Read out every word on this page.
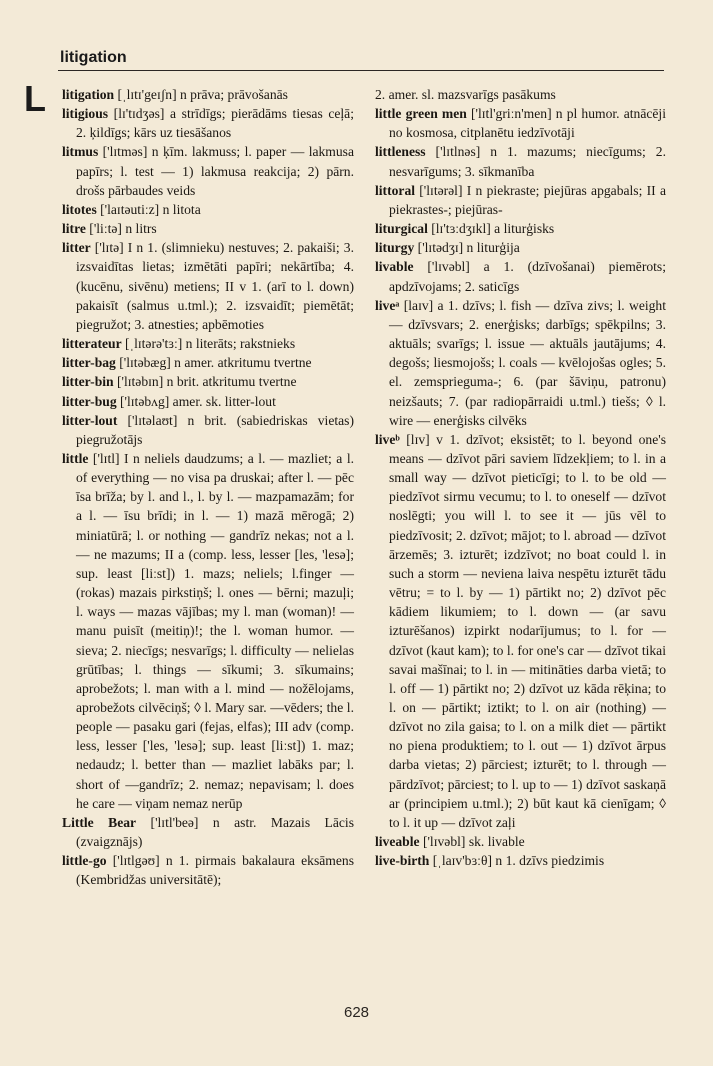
litigation
L litigation [ˌlɪtɪ'geɪʃn] n prāva; prāvošanās

litigious [lɪ'tɪdʒəs] a strīdīgs; pierādāms tiesas ceļā; 2. ķildīgs; kārs uz tiesāšanos

litmus ['lɪtməs] n ķīm. lakmuss; l. paper — lakmusa papīrs; l. test — 1) lakmusa reakcija; 2) pārn. drošs pārbaudes veids

litotes ['laɪtəutiːz] n litota

litre ['liːtə] n litrs

litter ['lɪtə] I n 1. (slimnieku) nestuves; 2. pakaiši; 3. izsvaidītas lietas; izmētāti papīri; nekārtība; 4. (kucēnu, sivēnu) metiens; II v 1. (arī to l. down) pakaisīt (salmus u.tml.); 2. izsvaidīt; piemētāt; piegružot; 3. atnesties; apbēmoties

litterateur [ˌlɪtərə'tɜː] n literāts; rakstnieks

litter-bag ['lɪtəbæg] n amer. atkritumu tvertne

litter-bin ['lɪtəbɪn] n brit. atkritumu tvertne

litter-bug ['lɪtəbʌg] amer. sk. litter-lout

litter-lout ['lɪtəlaʊt] n brit. (sabiedriskas vietas) piegružotājs

little ['lɪtl] I n neliels daudzums; a l. — mazliet; a l. of everything — no visa pa druskai; after l. — pēc īsa brīža; by l. and l., l. by l. — mazpamazām; for a l. — īsu brīdi; in l. — 1) mazā mērogā; 2) miniatūrā; l. or nothing — gandrīz nekas; not a l. — ne mazums; II a (comp. less, lesser [les, 'lesə]; sup. least [liːst]) 1. mazs; neliels; l.finger — (rokas) mazais pirkstiņš; l. ones — bērni; mazuļi; l. ways — mazas vājības; my l. man (woman)! — manu puisīt (meitiņ)!; the l. woman humor. — sieva; 2. niecīgs; nesvarīgs; l. difficulty — nelielas grūtības; l. things — sīkumi; 3. sīkumains; aprobežots; l. man with a l. mind — nožēlojams, aprobežots cilvēciņš; ◊ l. Mary sar. —vēders; the l. people — pasaku gari (fejas, elfas); III adv (comp. less, lesser ['les, 'lesə]; sup. least [liːst]) 1. maz; nedaudz; l. better than — mazliet labāks par; l. short of —gandrīz; 2. nemaz; nepavisam; l. does he care — viņam nemaz nerūp

Little Bear ['lɪtl'beə] n astr. Mazais Lācis (zvaigznājs)

little-go ['lɪtlgəʊ] n 1. pirmais bakalaura eksāmens (Kembridžas universitātē);

2. amer. sl. mazsvarīgs pasākums

little green men ['lɪtl'griːn'men] n pl humor. atnācēji no kosmosa, citplanētu iedzīvotāji

littleness ['lɪtlnəs] n 1. mazums; niecīgums; 2. nesvarīgums; 3. sīkmanība

littoral ['lɪtərəl] I n piekraste; piejūras apgabals; II a piekrastes-; piejūras-

liturgical [lɪ'tɜːdʒɪkl] a liturģisks

liturgy ['lɪtədʒɪ] n liturģija

livable ['lɪvəbl] a 1. (dzīvošanai) piemērots; apdzīvojams; 2. saticīgs

liveᵃ [laɪv] a 1. dzīvs; l. fish — dzīva zivs; l. weight — dzīvsvars; 2. enerģisks; darbīgs; spēkpilns; 3. aktuāls; svarīgs; l. issue — aktuāls jautājums; 4. degošs; liesmojošs; l. coals — kvēlojošas ogles; 5. el. zemsprieguma-; 6. (par šāviņu, patronu) neizšauts; 7. (par radiopārraidi u.tml.) tiešs; ◊ l. wire — enerģisks cilvēks

liveᵇ [lɪv] v 1. dzīvot; eksistēt; to l. beyond one's means — dzīvot pāri saviem līdzekļiem; to l. in a small way — dzīvot pieticīgi; to l. to be old — piedzīvot sirmu vecumu; to l. to oneself — dzīvot noslēgti; you will l. to see it — jūs vēl to piedzīvosit; 2. dzīvot; mājot; to l. abroad — dzīvot ārzemēs; 3. izturēt; izdzīvot; no boat could l. in such a storm — neviena laiva nespētu izturēt tādu vētru; = to l. by — 1) pārtikt no; 2) dzīvot pēc kādiem likumiem; to l. down — (ar savu izturēšanos) izpirkt nodarījumus; to l. for — dzīvot (kaut kam); to l. for one's car — dzīvot tikai savai mašīnai; to l. in — mitināties darba vietā; to l. off — 1) pārtikt no; 2) dzīvot uz kāda rēķina; to l. on — pārtikt; iztikt; to l. on air (nothing) — dzīvot no zila gaisa; to l. on a milk diet — pārtikt no piena produktiem; to l. out — 1) dzīvot ārpus darba vietas; 2) pārciest; izturēt; to l. through — pārdzīvot; pārciest; to l. up to — 1) dzīvot saskaņā ar (principiem u.tml.); 2) būt kaut kā cienīgam; ◊ to l. it up — dzīvot zaļi

liveable ['lɪvəbl] sk. livable

live-birth [ˌlaɪv'bɜːθ] n 1. dzīvs piedzimis

628
